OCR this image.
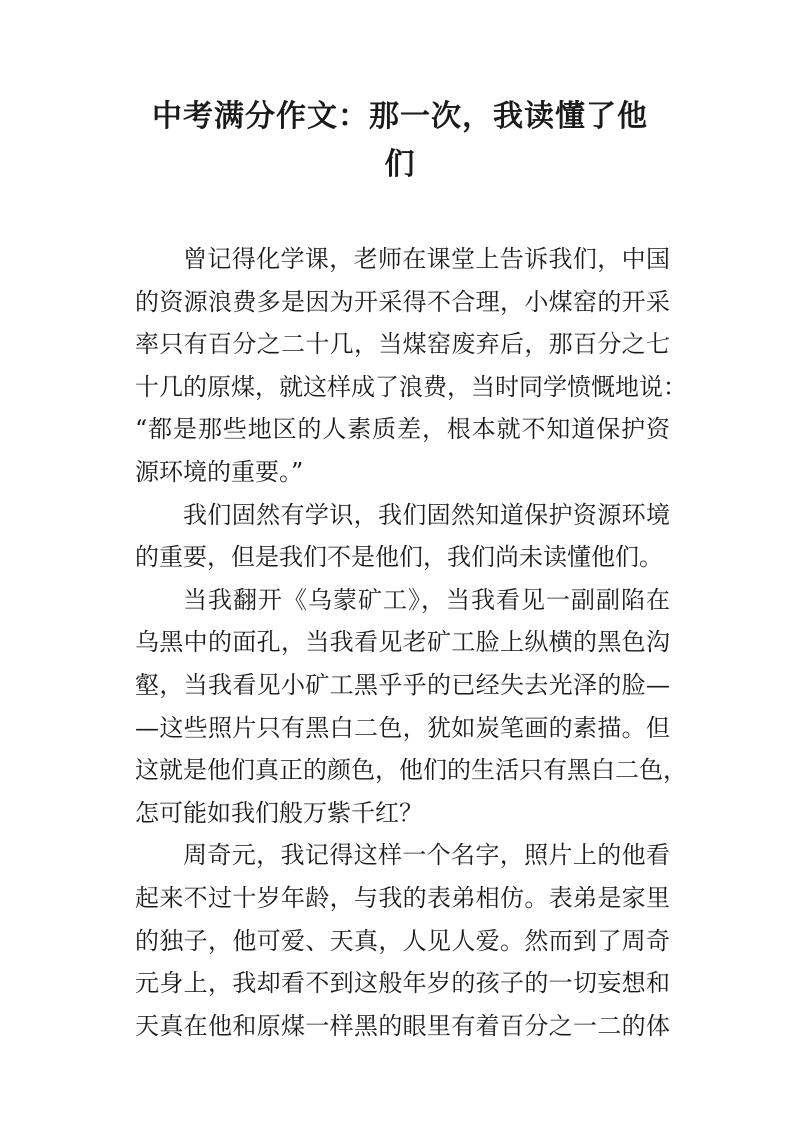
中考满分作文：那一次，我读懂了他
们
曾记得化学课，老师在课堂上告诉我们，中国
的资源浪费多是因为开采得不合理，小煤窑的开采
率只有百分之二十几，当煤窑废弃后，那百分之七
十几的原煤，就这样成了浪费，当时同学愤慨地说：
“都是那些地区的人素质差，根本就不知道保护资
源环境的重要。”
我们固然有学识，我们固然知道保护资源环境
的重要，但是我们不是他们，我们尚未读懂他们。
当我翻开《乌蒙矿工》，当我看见一副副陷在
乌黑中的面孔，当我看见老矿工脸上纵横的黑色沟
壑，当我看见小矿工黑乎乎的已经失去光泽的脸—
—这些照片只有黑白二色，犹如炭笔画的素描。但
这就是他们真正的颜色，他们的生活只有黑白二色，
怎可能如我们般万紫千红？
周奇元，我记得这样一个名字，照片上的他看
起来不过十岁年龄，与我的表弟相仿。表弟是家里
的独子，他可爱、天真，人见人爱。然而到了周奇
元身上，我却看不到这般年岁的孩子的一切妄想和
天真在他和原煤一样黑的眼里有着百分之一二的体
